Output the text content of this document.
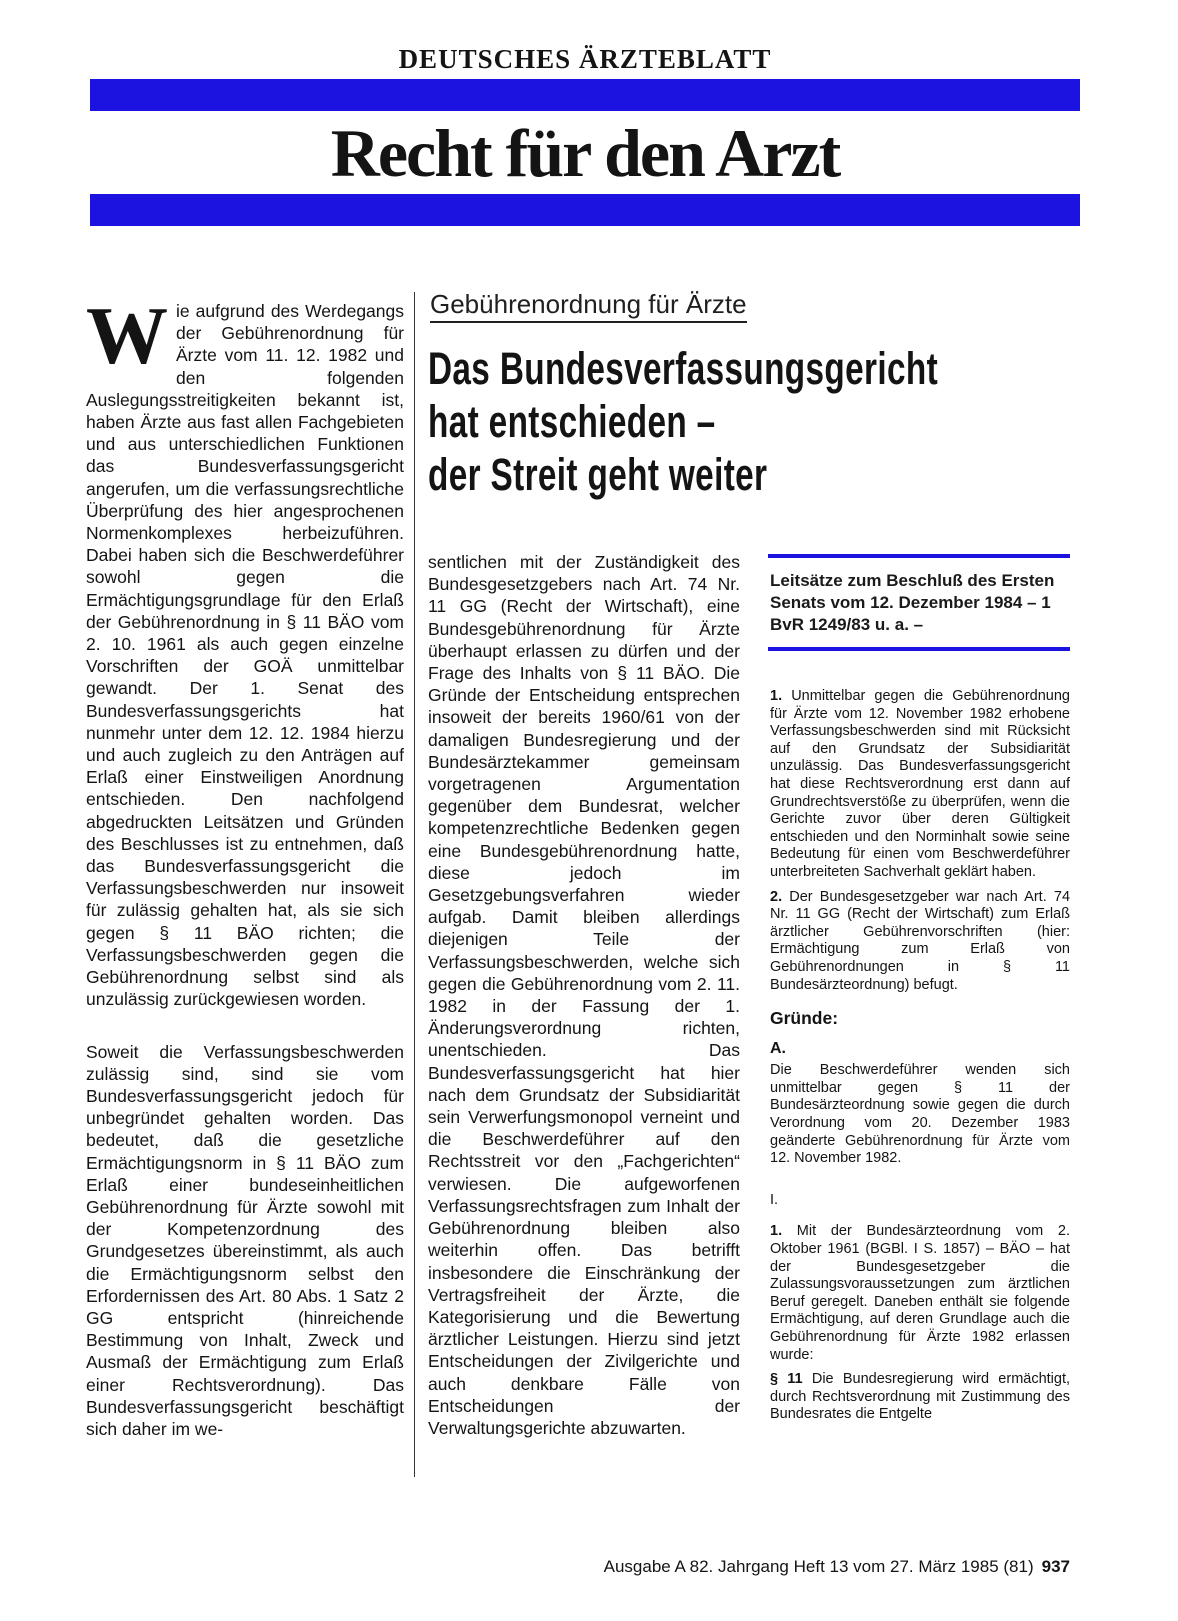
DEUTSCHES ÄRZTEBLATT
Recht für den Arzt

Wie aufgrund des Werdegangs der Gebührenordnung für Ärzte vom 11. 12. 1982 und den folgenden Auslegungsstreitigkeiten bekannt ist, haben Ärzte aus fast allen Fachgebieten und aus unterschiedlichen Funktionen das Bundesverfassungsgericht angerufen, um die verfassungsrechtliche Überprüfung des hier angesprochenen Normenkomplexes herbeizuführen. Dabei haben sich die Beschwerdeführer sowohl gegen die Ermächtigungsgrundlage für den Erlaß der Gebührenordnung in § 11 BÄO vom 2. 10. 1961 als auch gegen einzelne Vorschriften der GOÄ unmittelbar gewandt. Der 1. Senat des Bundesverfassungsgerichts hat nunmehr unter dem 12. 12. 1984 hierzu und auch zugleich zu den Anträgen auf Erlaß einer Einstweiligen Anordnung entschieden. Den nachfolgend abgedruckten Leitsätzen und Gründen des Beschlusses ist zu entnehmen, daß das Bundesverfassungsgericht die Verfassungsbeschwerden nur insoweit für zulässig gehalten hat, als sie sich gegen § 11 BÄO richten; die Verfassungsbeschwerden gegen die Gebührenordnung selbst sind als unzulässig zurückgewiesen worden.

Soweit die Verfassungsbeschwerden zulässig sind, sind sie vom Bundesverfassungsgericht jedoch für unbegründet gehalten worden. Das bedeutet, daß die gesetzliche Ermächtigungsnorm in § 11 BÄO zum Erlaß einer bundeseinheitlichen Gebührenordnung für Ärzte sowohl mit der Kompetenzordnung des Grundgesetzes übereinstimmt, als auch die Ermächtigungsnorm selbst den Erfordernissen des Art. 80 Abs. 1 Satz 2 GG entspricht (hinreichende Bestimmung von Inhalt, Zweck und Ausmaß der Ermächtigung zum Erlaß einer Rechtsverordnung). Das Bundesverfassungsgericht beschäftigt sich daher im we-

Gebührenordnung für Ärzte
Das Bundesverfassungsgericht
hat entschieden –
der Streit geht weiter

sentlichen mit der Zuständigkeit des Bundesgesetzgebers nach Art. 74 Nr. 11 GG (Recht der Wirtschaft), eine Bundesgebührenordnung für Ärzte überhaupt erlassen zu dürfen und der Frage des Inhalts von § 11 BÄO. Die Gründe der Entscheidung entsprechen insoweit der bereits 1960/61 von der damaligen Bundesregierung und der Bundesärztekammer gemeinsam vorgetragenen Argumentation gegenüber dem Bundesrat, welcher kompetenzrechtliche Bedenken gegen eine Bundesgebührenordnung hatte, diese jedoch im Gesetzgebungsverfahren wieder aufgab. Damit bleiben allerdings diejenigen Teile der Verfassungsbeschwerden, welche sich gegen die Gebührenordnung vom 2. 11. 1982 in der Fassung der 1. Änderungsverordnung richten, unentschieden. Das Bundesverfassungsgericht hat hier nach dem Grundsatz der Subsidiarität sein Verwerfungsmonopol verneint und die Beschwerdeführer auf den Rechtsstreit vor den „Fachgerichten“ verwiesen. Die aufgeworfenen Verfassungsrechtsfragen zum Inhalt der Gebührenordnung bleiben also weiterhin offen. Das betrifft insbesondere die Einschränkung der Vertragsfreiheit der Ärzte, die Kategorisierung und die Bewertung ärztlicher Leistungen. Hierzu sind jetzt Entscheidungen der Zivilgerichte und auch denkbare Fälle von Entscheidungen der Verwaltungsgerichte abzuwarten.

Leitsätze zum Beschluß des Ersten Senats vom 12. Dezember 1984 – 1 BvR 1249/83 u. a. –

1. Unmittelbar gegen die Gebührenordnung für Ärzte vom 12. November 1982 erhobene Verfassungsbeschwerden sind mit Rücksicht auf den Grundsatz der Subsidiarität unzulässig. Das Bundesverfassungsgericht hat diese Rechtsverordnung erst dann auf Grundrechtsverstöße zu überprüfen, wenn die Gerichte zuvor über deren Gültigkeit entschieden und den Norminhalt sowie seine Bedeutung für einen vom Beschwerdeführer unterbreiteten Sachverhalt geklärt haben.

2. Der Bundesgesetzgeber war nach Art. 74 Nr. 11 GG (Recht der Wirtschaft) zum Erlaß ärztlicher Gebührenvorschriften (hier: Ermächtigung zum Erlaß von Gebührenordnungen in § 11 Bundesärzteordnung) befugt.

Gründe:

A.

Die Beschwerdeführer wenden sich unmittelbar gegen § 11 der Bundesärzteordnung sowie gegen die durch Verordnung vom 20. Dezember 1983 geänderte Gebührenordnung für Ärzte vom 12. November 1982.

I.

1. Mit der Bundesärzteordnung vom 2. Oktober 1961 (BGBl. I S. 1857) – BÄO – hat der Bundesgesetzgeber die Zulassungsvoraussetzungen zum ärztlichen Beruf geregelt. Daneben enthält sie folgende Ermächtigung, auf deren Grundlage auch die Gebührenordnung für Ärzte 1982 erlassen wurde:

§ 11 Die Bundesregierung wird ermächtigt, durch Rechtsverordnung mit Zustimmung des Bundesrates die Entgelte

Ausgabe A 82. Jahrgang Heft 13 vom 27. März 1985 (81) 937
